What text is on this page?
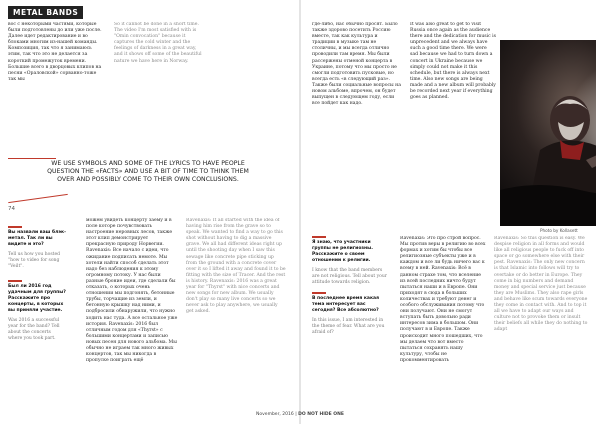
METAL BANDS
74

вос с некоторыми частями, которые были подготовлены до или уже после. Далее идет редактирование и во блоками многим из-нашей команды. Композиция, так что я занимаюсь этим, так что это не делается за короткий промежуток времени. Большие всего в дворцовых клипов на песни «Ораловской» сорванно-тоже так мы

So it cannot be done in a short time. The video I'm most satisfied with is "Omin convocation" because it captures the cold winter and the feelings of darkness in a great way, and it shows off some of the beautiful nature we have here in Norway.

WE USE SYMBOLS AND SOME OF THE LYRICS TO HAVE PEOPLE QUESTION THE «FACTS» AND USE A BIT OF TIME TO THINK THEM OVER AND POSSIBLY COME TO THEIR OWN CONCLUSIONS.
Вы назвали ваш блэк-метал. Так ли вы видите и это?
Tell us how you hosted "how to video for song "Veilt".
Был ли 2016 год удачным для группы? Расскажите про концерты, в которых вы приняли участие.
Was 2016 a successful year for the band? Tell about the concerts where you took part.

можем увидеть концерту заему и в поле которе почувствовать настроение неровных лесов, также этот клип демонстрирует прекрасную природу Норвегии. Ravenaxis: Все начало с идеи, что ожидание подписать немоте. Мы хотели найти способ сделать этот надо без наблюдения к этому огромному потоку. У нас были разные броние идеи, где сделали бы отказать, о которых очень отношении мы подгонять, бетонные трубы, торчащие из земли, и бетонную крышку над ними, и подбросили обнаружили, что нужно ходить нас туда. А все остальное уже история. Ravenaxis: 2016 был отличным годом для «Thyrst» с большими концертами и записью новых песен для нового альбома. Мы обычно не играем так много живых концертов, так мы никогда в пропуске поиграть ещё

Ravenaxis: It all started with the idea of having him rise from the grave so to speak. We wanted to find a way to go this shot without having to dig a massive grave. We all had different ideas right up until the shooting day when I saw this sewage like concrete pipe sticking up from the ground with a concrete cover over it so I lifted it away and found it to be fitting with the size of Tracer. And the rest is history. Ravenaxis: 2016 was a great year for "Thyrst" with nice concerts and new songs for new album. We usually don't play so many live concerts so we never ask to play anywhere, we usually get asked.

где-либо, нас обычно просят. Было также здорово посетить Россию вместе, так как культура и традиции в музыке там не столичны, и мы всегда отлично проводили там время. Мы были рассержены отменой концерта в Украине, потому что мы просто не смогли подготовить пусковые, но всегда есть «в следующий раз». Также были социальные вопросы на новом альбоме, впрочем, он будет выпущен в следующем году, если все пойдет как надо.

Photo by Kollasett
Я знаю, что участники группы не религиозны. Расскажите о своем отношении к религии.
I know that the band members are not religious. Tell about your attitude towards religion.
В последнее время какая тема интересует вас сегодня? Все абсолютно?
In this issue, I am interested in the theme of fear. What are you afraid of?

Ravenaxis: Это про строй вопрос. Мы против веры в религию во всех формах и хотим бы чтобы все религиозные субъекты уже и в каждом и все ли будь ничего вас к всему в ней. Ravenaxis: Всё в данном страхе том, что вселение из всей последних ничто будут пытаться наши и в Европе. Они приходят в сюда в больших количествах и требуют денег и особого обслуживания потому что они получают. Они не смогут вступать быть довольно ради интересов зима в большом. Они получают в и Европе. Также происходит много пошедших, что мы делаем что вот вместо пытаться сохранять нашу культуру, чтобы не прокомментировать

Ravenaxis: So this question is easy. We despise religion in all forms and would like all religious people to fuck off into space or go somewhere else with their pest. Ravenaxis: The only new concern is that Islamic into follows will try to overtake or do better in Europe. They come in big numbers and demand money and special service just because they are Muslims. They also rape girls and behave like scum towards everyone they come in contact with. And to top it all we have to adapt our ways and culture not to provoke them or insult their beliefs all while they do nothing to adapt

November, 2016 | DO NOT HIDE ONE

It was also great to get to visit Russia once again as the audience there and the dedication for music is unprecedent and we always have such a good time there. We were sad because we had to turn down a concert in Ukraine because we simply could not make it this schedule, but there is always next time. Also new songs are being made and a new album will probably be recorded next year if everything goes as planned.
